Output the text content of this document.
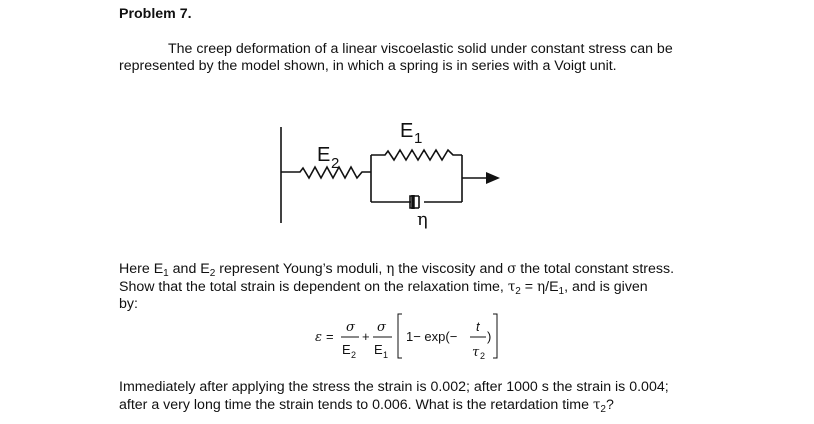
Problem 7.
The creep deformation of a linear viscoelastic solid under constant stress can be
represented by the model shown, in which a spring is in series with a Voigt unit.
E 2
E 1
η
Here $E_1$ and $E_2$ represent Young’s moduli, η the viscosity and σ the total constant stress.
Show that the total strain is dependent on the relaxation time, $\tau_2 = \eta/E_1$, and is given
by:
ε =
σ
E 2
+
σ
E 1
1− exp(−
t
τ 2
)
Immediately after applying the stress the strain is 0.002; after 1000 s the strain is 0.004;
after a very long time the strain tends to 0.006. What is the retardation time $\tau_2$?
